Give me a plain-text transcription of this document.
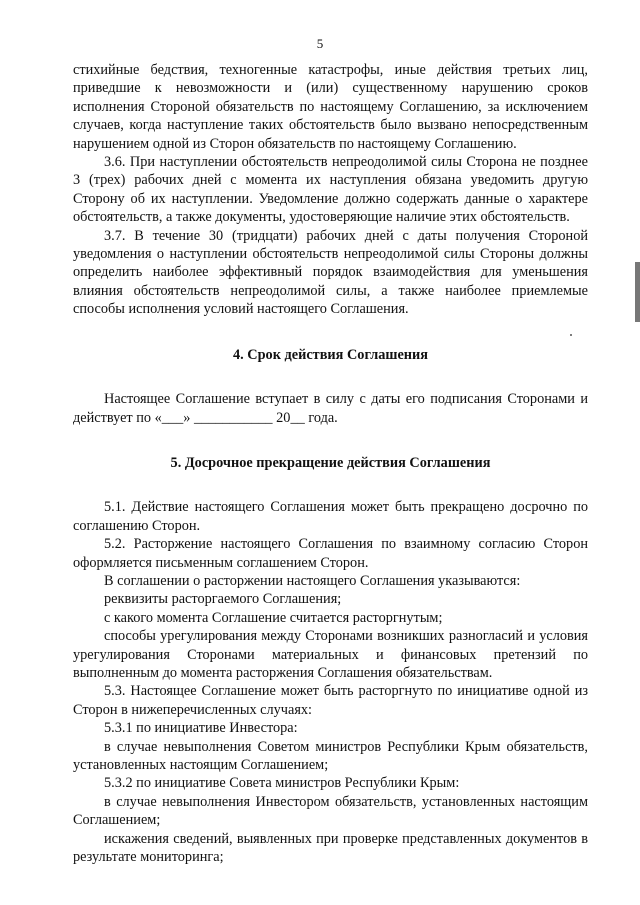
5

стихийные бедствия, техногенные катастрофы, иные действия третьих лиц, приведшие к невозможности и (или) существенному нарушению сроков исполнения Стороной обязательств по настоящему Соглашению, за исключением случаев, когда наступление таких обстоятельств было вызвано непосредственным нарушением одной из Сторон обязательств по настоящему Соглашению.

3.6. При наступлении обстоятельств непреодолимой силы Сторона не позднее 3 (трех) рабочих дней с момента их наступления обязана уведомить другую Сторону об их наступлении. Уведомление должно содержать данные о характере обстоятельств, а также документы, удостоверяющие наличие этих обстоятельств.

3.7. В течение 30 (тридцати) рабочих дней с даты получения Стороной уведомления о наступлении обстоятельств непреодолимой силы Стороны должны определить наиболее эффективный порядок взаимодействия для уменьшения влияния обстоятельств непреодолимой силы, а также наиболее приемлемые способы исполнения условий настоящего Соглашения.

4. Срок действия Соглашения

Настоящее Соглашение вступает в силу с даты его подписания Сторонами и действует по «___» ___________ 20__ года.

5. Досрочное прекращение действия Соглашения

5.1. Действие настоящего Соглашения может быть прекращено досрочно по соглашению Сторон.

5.2. Расторжение настоящего Соглашения по взаимному согласию Сторон оформляется письменным соглашением Сторон.

В соглашении о расторжении настоящего Соглашения указываются:

реквизиты расторгаемого Соглашения;

с какого момента Соглашение считается расторгнутым;

способы урегулирования между Сторонами возникших разногласий и условия урегулирования Сторонами материальных и финансовых претензий по выполненным до момента расторжения Соглашения обязательствам.

5.3. Настоящее Соглашение может быть расторгнуто по инициативе одной из Сторон в нижеперечисленных случаях:

5.3.1 по инициативе Инвестора:

в случае невыполнения Советом министров Республики Крым обязательств, установленных настоящим Соглашением;

5.3.2 по инициативе Совета министров Республики Крым:

в случае невыполнения Инвестором обязательств, установленных настоящим Соглашением;

искажения сведений, выявленных при проверке представленных документов в результате мониторинга;
